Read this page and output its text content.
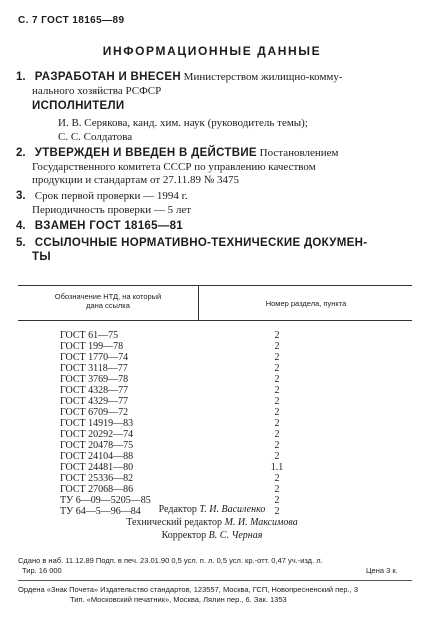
С. 7 ГОСТ 18165—89
ИНФОРМАЦИОННЫЕ ДАННЫЕ
1. РАЗРАБОТАН И ВНЕСЕН Министерством жилищно-комму-
нального хозяйства РСФСР
ИСПОЛНИТЕЛИ
И. В. Серякова, канд. хим. наук (руководитель темы);
С. С. Солдатова
2. УТВЕРЖДЕН И ВВЕДЕН В ДЕЙСТВИЕ Постановлением
Государственного комитета СССР по управлению качеством
продукции и стандартам от 27.11.89 № 3475
3. Срок первой проверки — 1994 г.
Периодичность проверки — 5 лет
4. ВЗАМЕН ГОСТ 18165—81
5. ССЫЛОЧНЫЕ НОРМАТИВНО-ТЕХНИЧЕСКИЕ ДОКУМЕН-
ТЫ
Обозначение НТД, на который
дана ссылка	Номер раздела, пункта
ГОСТ 61—75	2
ГОСТ 199—78	2
ГОСТ 1770—74	2
ГОСТ 3118—77	2
ГОСТ 3769—78	2
ГОСТ 4328—77	2
ГОСТ 4329—77	2
ГОСТ 6709—72	2
ГОСТ 14919—83	2
ГОСТ 20292—74	2
ГОСТ 20478—75	2
ГОСТ 24104—88	2
ГОСТ 24481—80	1.1
ГОСТ 25336—82	2
ГОСТ 27068—86	2
ТУ 6—09—5205—85	2
ТУ 64—5—96—84	2
Редактор Т. И. Василенко
Технический редактор М. И. Максимова
Корректор В. С. Черная
Сдано в наб. 11.12.89 Подп. в печ. 23.01.90 0,5 усл. п. л. 0,5 усл. кр.-отт. 0,47 уч.-изд. л.
Тир. 16 000	Цена 3 к.
Ордена «Знак Почета» Издательство стандартов, 123557, Москва, ГСП, Новопресненский пер., 3
Тип. «Московский печатник», Москва, Лялин пер., 6. Зак. 1353
